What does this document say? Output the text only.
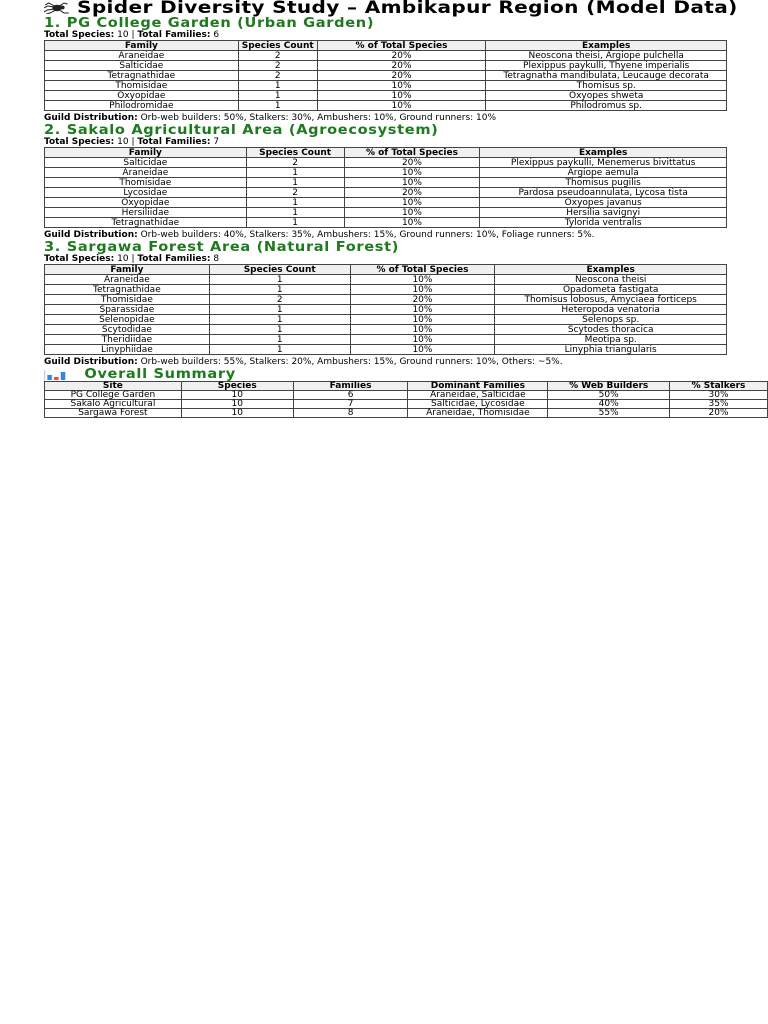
Spider Diversity Study – Ambikapur Region (Model Data)
1. PG College Garden (Urban Garden)
Total Species: 10 | Total Families: 6
Family	Species Count	% of Total Species	Examples
Araneidae	2	20%	Neoscona theisi, Argiope pulchella
Salticidae	2	20%	Plexippus paykulli, Thyene imperialis
Tetragnathidae	2	20%	Tetragnatha mandibulata, Leucauge decorata
Thomisidae	1	10%	Thomisus sp.
Oxyopidae	1	10%	Oxyopes shweta
Philodromidae	1	10%	Philodromus sp.
Guild Distribution: Orb-web builders: 50%, Stalkers: 30%, Ambushers: 10%, Ground runners: 10%
2. Sakalo Agricultural Area (Agroecosystem)
Total Species: 10 | Total Families: 7
Family	Species Count	% of Total Species	Examples
Salticidae	2	20%	Plexippus paykulli, Menemerus bivittatus
Araneidae	1	10%	Argiope aemula
Thomisidae	1	10%	Thomisus pugilis
Lycosidae	2	20%	Pardosa pseudoannulata, Lycosa tista
Oxyopidae	1	10%	Oxyopes javanus
Hersiliidae	1	10%	Hersilia savignyi
Tetragnathidae	1	10%	Tylorida ventralis
Guild Distribution: Orb-web builders: 40%, Stalkers: 35%, Ambushers: 15%, Ground runners: 10%, Foliage runners: 5%.
3. Sargawa Forest Area (Natural Forest)
Total Species: 10 | Total Families: 8
Family	Species Count	% of Total Species	Examples
Araneidae	1	10%	Neoscona theisi
Tetragnathidae	1	10%	Opadometa fastigata
Thomisidae	2	20%	Thomisus lobosus, Amyciaea forticeps
Sparassidae	1	10%	Heteropoda venatoria
Selenopidae	1	10%	Selenops sp.
Scytodidae	1	10%	Scytodes thoracica
Theridiidae	1	10%	Meotipa sp.
Linyphiidae	1	10%	Linyphia triangularis
Guild Distribution: Orb-web builders: 55%, Stalkers: 20%, Ambushers: 15%, Ground runners: 10%, Others: ~5%.
Overall Summary
Site	Species	Families	Dominant Families	% Web Builders	% Stalkers
PG College Garden	10	6	Araneidae, Salticidae	50%	30%
Sakalo Agricultural	10	7	Salticidae, Lycosidae	40%	35%
Sargawa Forest	10	8	Araneidae, Thomisidae	55%	20%
